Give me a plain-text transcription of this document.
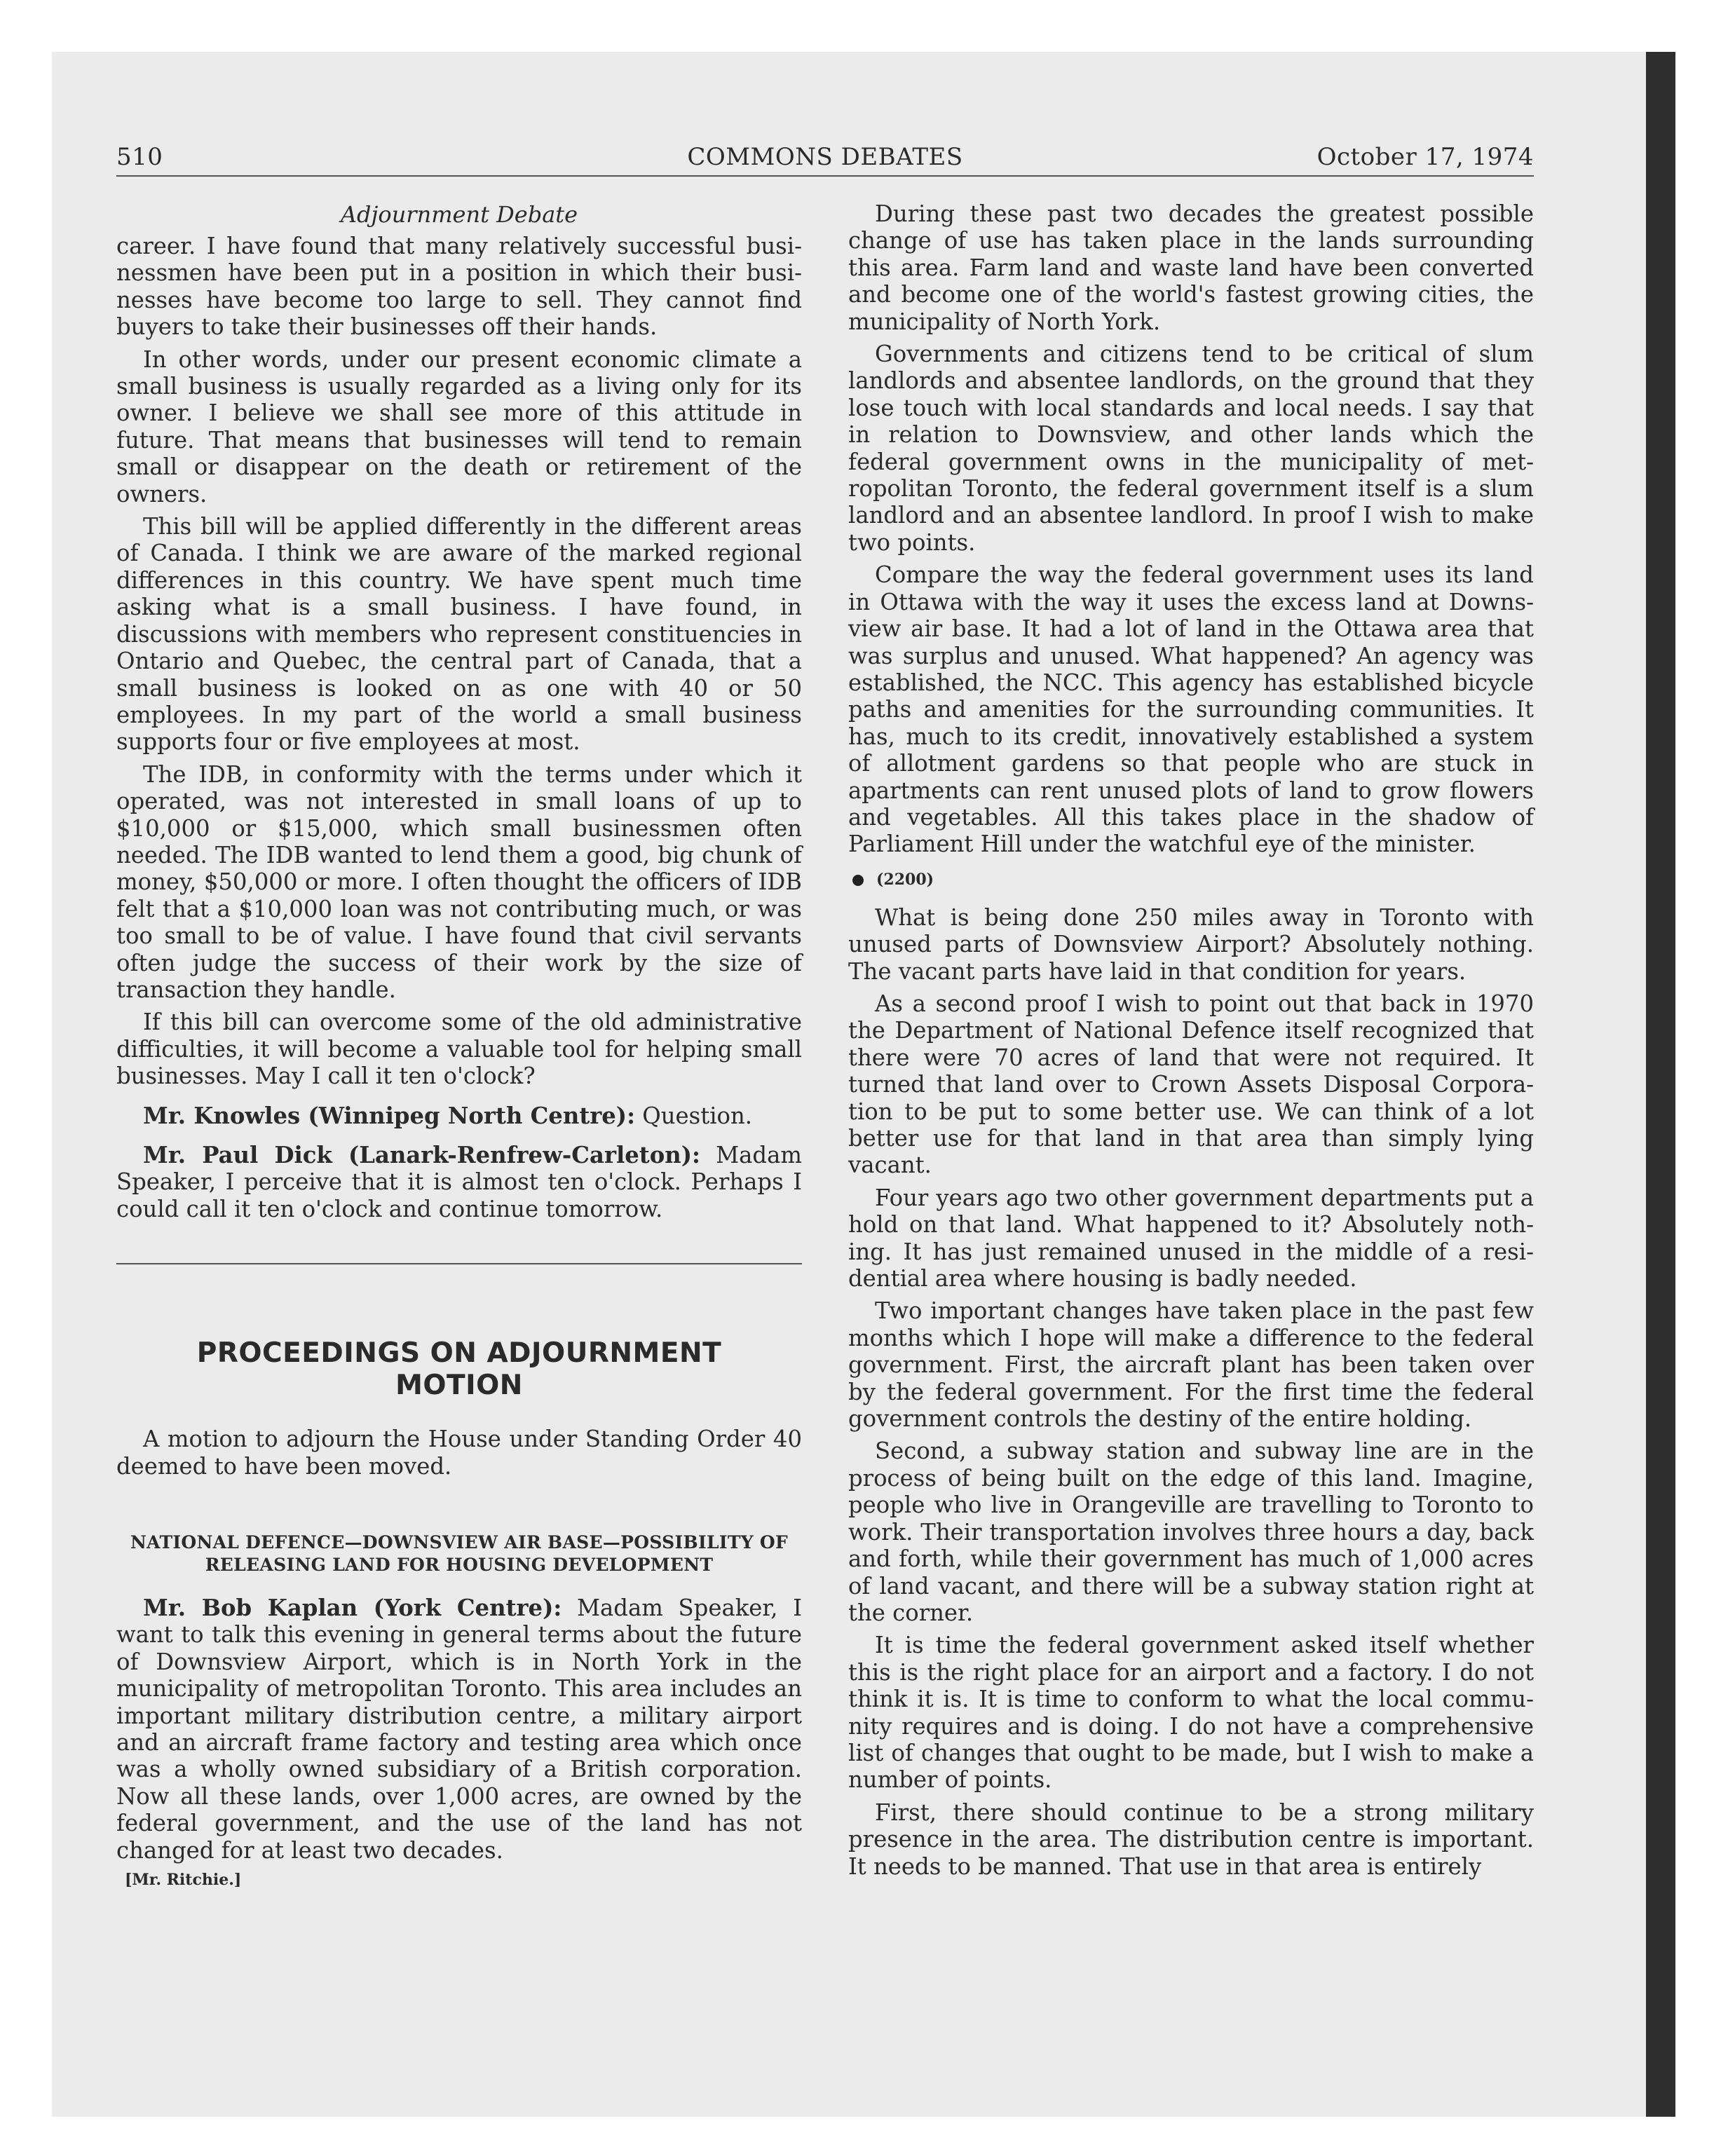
510	COMMONS DEBATES	October 17, 1974
Adjournment Debate

career. I have found that many relatively successful businessmen have been put in a position in which their businesses have become too large to sell. They cannot find buyers to take their businesses off their hands.

In other words, under our present economic climate a small business is usually regarded as a living only for its owner. I believe we shall see more of this attitude in future. That means that businesses will tend to remain small or disappear on the death or retirement of the owners.

This bill will be applied differently in the different areas of Canada. I think we are aware of the marked regional differences in this country. We have spent much time asking what is a small business. I have found, in discussions with members who represent constituencies in Ontario and Quebec, the central part of Canada, that a small business is looked on as one with 40 or 50 employees. In my part of the world a small business supports four or five employees at most.

The IDB, in conformity with the terms under which it operated, was not interested in small loans of up to $10,000 or $15,000, which small businessmen often needed. The IDB wanted to lend them a good, big chunk of money, $50,000 or more. I often thought the officers of IDB felt that a $10,000 loan was not contributing much, or was too small to be of value. I have found that civil servants often judge the success of their work by the size of transaction they handle.

If this bill can overcome some of the old administrative difficulties, it will become a valuable tool for helping small businesses. May I call it ten o'clock?

Mr. Knowles (Winnipeg North Centre): Question.

Mr. Paul Dick (Lanark-Renfrew-Carleton): Madam Speaker, I perceive that it is almost ten o'clock. Perhaps I could call it ten o'clock and continue tomorrow.

PROCEEDINGS ON ADJOURNMENT MOTION

A motion to adjourn the House under Standing Order 40 deemed to have been moved.

NATIONAL DEFENCE—DOWNSVIEW AIR BASE—POSSIBILITY OF RELEASING LAND FOR HOUSING DEVELOPMENT

Mr. Bob Kaplan (York Centre): Madam Speaker, I want to talk this evening in general terms about the future of Downsview Airport, which is in North York in the municipality of metropolitan Toronto. This area includes an important military distribution centre, a military airport and an aircraft frame factory and testing area which once was a wholly owned subsidiary of a British corporation. Now all these lands, over 1,000 acres, are owned by the federal government, and the use of the land has not changed for at least two decades.

[Mr. Ritchie.]

During these past two decades the greatest possible change of use has taken place in the lands surrounding this area. Farm land and waste land have been converted and become one of the world's fastest growing cities, the municipality of North York.

Governments and citizens tend to be critical of slum landlords and absentee landlords, on the ground that they lose touch with local standards and local needs. I say that in relation to Downsview, and other lands which the federal government owns in the municipality of metropolitan Toronto, the federal government itself is a slum landlord and an absentee landlord. In proof I wish to make two points.

Compare the way the federal government uses its land in Ottawa with the way it uses the excess land at Downsview air base. It had a lot of land in the Ottawa area that was surplus and unused. What happened? An agency was established, the NCC. This agency has established bicycle paths and amenities for the surrounding communities. It has, much to its credit, innovatively established a system of allotment gardens so that people who are stuck in apartments can rent unused plots of land to grow flowers and vegetables. All this takes place in the shadow of Parliament Hill under the watchful eye of the minister.

(2200)

What is being done 250 miles away in Toronto with unused parts of Downsview Airport? Absolutely nothing. The vacant parts have laid in that condition for years.

As a second proof I wish to point out that back in 1970 the Department of National Defence itself recognized that there were 70 acres of land that were not required. It turned that land over to Crown Assets Disposal Corporation to be put to some better use. We can think of a lot better use for that land in that area than simply lying vacant.

Four years ago two other government departments put a hold on that land. What happened to it? Absolutely nothing. It has just remained unused in the middle of a residential area where housing is badly needed.

Two important changes have taken place in the past few months which I hope will make a difference to the federal government. First, the aircraft plant has been taken over by the federal government. For the first time the federal government controls the destiny of the entire holding.

Second, a subway station and subway line are in the process of being built on the edge of this land. Imagine, people who live in Orangeville are travelling to Toronto to work. Their transportation involves three hours a day, back and forth, while their government has much of 1,000 acres of land vacant, and there will be a subway station right at the corner.

It is time the federal government asked itself whether this is the right place for an airport and a factory. I do not think it is. It is time to conform to what the local community requires and is doing. I do not have a comprehensive list of changes that ought to be made, but I wish to make a number of points.

First, there should continue to be a strong military presence in the area. The distribution centre is important. It needs to be manned. That use in that area is entirely
